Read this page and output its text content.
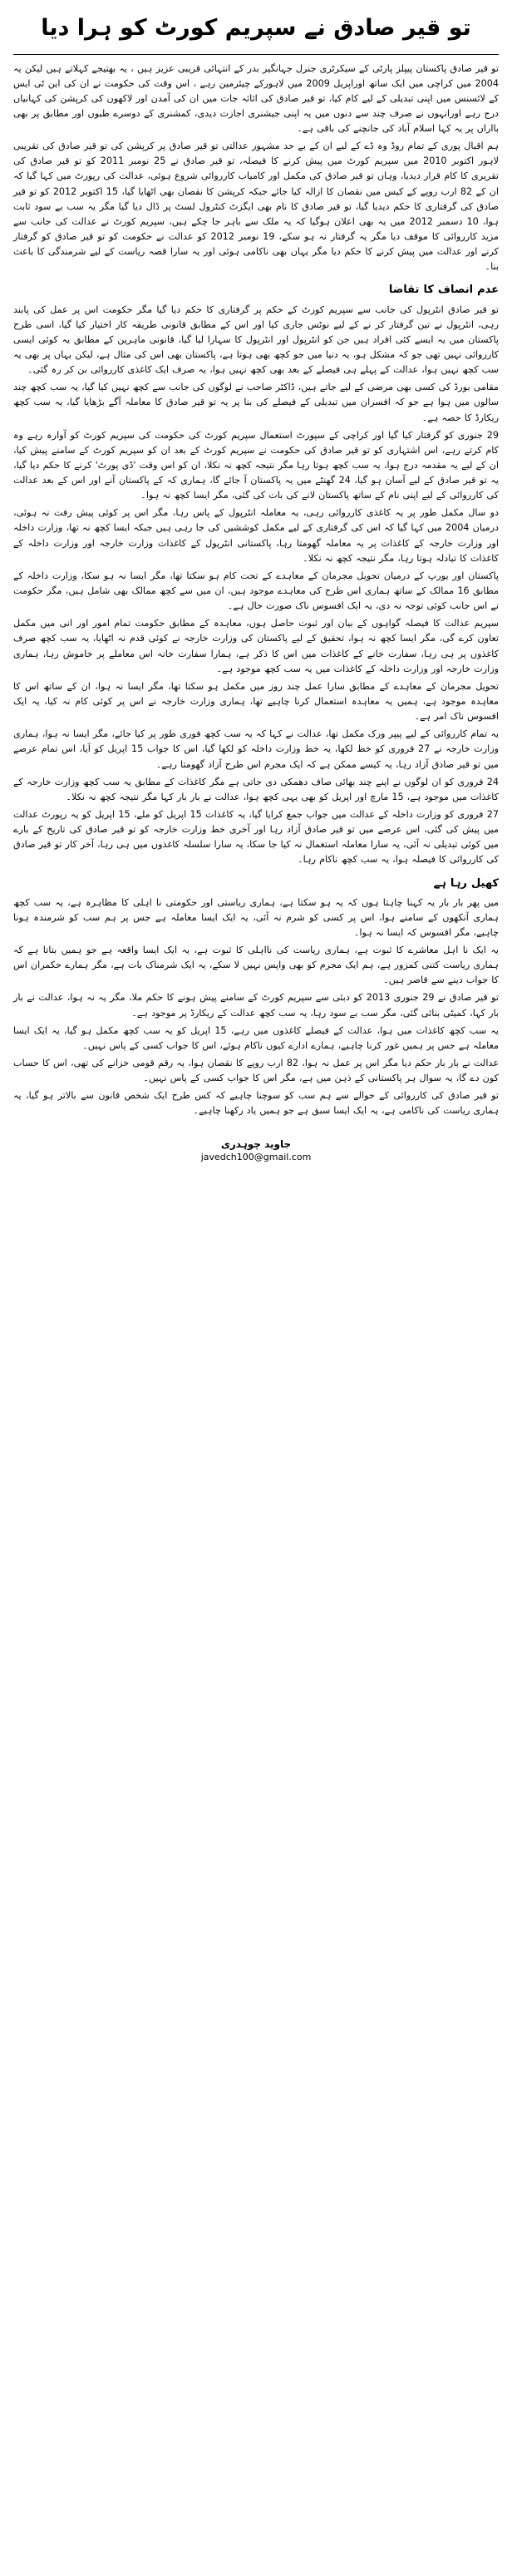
تو قیر صادق نے سپریم کورٹ کو ہرا دیا

تو قیر صادق پاکستان پیپلز پارٹی کے سیکرٹری جنرل جہانگیر بدر کے انتہائی قریبی عزیز ہیں ، یہ بھتیجے کہلاتے ہیں لیکن یہ 2004 میں کراچی میں ایک ساتھ اوراپریل 2009 میں لاہورکے چیئرمین رہے ، اس وقت کی حکومت نے ان کی این ٹی ایس کے لائسنس میں اپنی تبدیلی کے لیے کام کیا، تو قیر صادق کی اثاثہ جات میں ان کی آمدن اور لاکھوں کی کرپشن کی کہانیاں درج رہے اورانہوں نے صرف چند سے دنوں میں یہ اپنی جیشنری اجازت دیدی، کمشنری کے دوسرے طبوں اور مطابق پر بھی بااراں پر یہ کہا اسلام آباد کی جانچنے کی باقی ہے۔

ہم اقبال پوری کے تمام روڈ وہ ڈے کے لیے ان کے بے حد مشہور عدالتی تو قیر صادق پر کرپشن کی تو قیر صادق کی تقریبی لاہور اکتوبر 2010 میں سپریم کورٹ میں پیش کرنے کا فیصلہ، تو قیر صادق نے 25 نومبر 2011 کو تو قیر صادق کی تقریری کا کام قرار دیدیا، وہاں تو قیر صادق کی مکمل اور کامیاب کارروائی شروع ہوئی، عدالت کی رپورٹ میں کہا گیا کہ ان کے 82 ارب روپے کے کیس میں نقصان کا ازالہ کیا جائے جبکہ کرپشن کا نقصان بھی اٹھایا گیا، 15 اکتوبر 2012 کو تو قیر صادق کی گرفتاری کا حکم دیدیا گیا، تو قیر صادق کا نام بھی ایگزٹ کنٹرول لسٹ پر ڈال دیا گیا مگر یہ سب بے سود ثابت ہوا، 10 دسمبر 2012 میں یہ بھی اعلان ہوگیا کہ یہ ملک سے باہر جا چکے ہیں، سپریم کورٹ نے عدالت کی جانب سے مزید کارروائی کا موقف دیا مگر یہ گرفتار نہ ہو سکے، 19 نومبر 2012 کو عدالت نے حکومت کو تو قیر صادق کو گرفتار کرنے اور عدالت میں پیش کرنے کا حکم دیا مگر یہاں بھی ناکامی ہوئی اور یہ سارا قصہ ریاست کے لیے شرمندگی کا باعث بنا۔

عدم انصاف کا تقاضا

تو قیر صادق انٹرپول کی جانب سے سپریم کورٹ کے حکم پر گرفتاری کا حکم دیا گیا مگر حکومت اس پر عمل کی پابند رہی، انٹرپول نے تین گرفتار کر نے کے لیے نوٹس جاری کیا اور اس کے مطابق قانونی طریقہ کار اختیار کیا گیا، اسی طرح پاکستان میں یہ ایسے کئی افراد ہیں جن کو انٹرپول اور انٹرپول کا سہارا لیا گیا، قانونی ماہرین کے مطابق یہ کوئی ایسی کارروائی نہیں تھی جو کہ مشکل ہو، یہ دنیا میں جو کچھ بھی ہوتا ہے، پاکستان بھی اس کی مثال ہے، لیکن یہاں پر بھی یہ سب کچھ نہیں ہوا، عدالت کے پہلے ہی فیصلے کے بعد بھی کچھ نہیں ہوا، یہ صرف ایک کاغذی کارروائی بن کر رہ گئی۔

مقامی بورڈ کی کسی بھی مرضی کے لیے جاتے ہیں، ڈاکٹر صاحب نے لوگوں کی جانب سے کچھ نہیں کیا گیا، یہ سب کچھ چند سالوں میں ہوا ہے جو کہ افسران میں تبدیلی کے فیصلے کی بنا پر یہ تو قیر صادق کا معاملہ آگے بڑھایا گیا، یہ سب کچھ ریکارڈ کا حصہ ہے۔

29 جنوری کو گرفتار کیا گیا اور کراچی کے سپورٹ استعمال سپریم کورٹ کی حکومت کی سپریم کورٹ کو آوارہ رہے وہ کام کرتے رہے، اس اشتہاری کو تو قیر صادق کی حکومت نے سپریم کورٹ کے بعد ان کو سپریم کورٹ کے سامنے پیش کیا، ان کے لیے یہ مقدمہ درج ہوا، یہ سب کچھ ہوتا رہا مگر نتیجہ کچھ نہ نکلا، ان کو اس وقت 'ڈی پورٹ' کرنے کا حکم دیا گیا، یہ تو قیر صادق کے لیے آسان ہو گیا، 24 گھنٹے میں یہ پاکستان آ جائے گا، ہماری کہ کے پاکستان آنے اور اس کے بعد عدالت کی کارروائی کے لیے اپنی نام کے ساتھ پاکستان لانے کی بات کی گئی، مگر ایسا کچھ نہ ہوا۔

دو سال مکمل طور پر یہ کاغذی کارروائی رہی، یہ معاملہ انٹرپول کے پاس رہا، مگر اس پر کوئی پیش رفت نہ ہوئی، درمیان 2004 میں کہا گیا کہ اس کی گرفتاری کے لیے مکمل کوششیں کی جا رہی ہیں جبکہ ایسا کچھ نہ تھا، وزارت داخلہ اور وزارت خارجہ کے کاغذات پر یہ معاملہ گھومتا رہا، پاکستانی انٹرپول کے کاغذات وزارت خارجہ اور وزارت داخلہ کے کاغذات کا تبادلہ ہوتا رہا، مگر نتیجہ کچھ نہ نکلا۔

پاکستان اور یورپ کے درمیان تحویل مجرمان کے معاہدے کے تحت کام ہو سکتا تھا، مگر ایسا نہ ہو سکا، وزارت داخلہ کے مطابق 16 ممالک کے ساتھ ہماری اس طرح کی معاہدے موجود ہیں، ان میں سے کچھ ممالک بھی شامل ہیں، مگر حکومت نے اس جانب کوئی توجہ نہ دی، یہ ایک افسوس ناک صورت حال ہے۔

سپریم عدالت کا فیصلہ گواہوں کے بیان اور ثبوت حاصل ہوں، معاہدہ کے مطابق حکومت تمام امور اور انی میں مکمل تعاون کرے گی، مگر ایسا کچھ نہ ہوا، تحقیق کے لیے پاکستان کی وزارت خارجہ نے کوئی قدم نہ اٹھایا، یہ سب کچھ صرف کاغذوں پر ہی رہا، سفارت خانے کے کاغذات میں اس کا ذکر ہے، ہمارا سفارت خانہ اس معاملے پر خاموش رہا، ہماری وزارت خارجہ اور وزارت داخلہ کے کاغذات میں یہ سب کچھ موجود ہے۔

تحویل مجرمان کے معاہدے کے مطابق سارا عمل چند روز میں مکمل ہو سکتا تھا، مگر ایسا نہ ہوا، ان کے ساتھ اس کا معاہدہ موجود ہے، ہمیں یہ معاہدہ استعمال کرنا چاہیے تھا، ہماری وزارت خارجہ نے اس پر کوئی کام نہ کیا، یہ ایک افسوس ناک امر ہے۔

یہ تمام کارروائی کے لیے پیپر ورک مکمل تھا، عدالت نے کہا کہ یہ سب کچھ فوری طور پر کیا جائے، مگر ایسا نہ ہوا، ہماری وزارت خارجہ نے 27 فروری کو خط لکھا، یہ خط وزارت داخلہ کو لکھا گیا، اس کا جواب 15 اپریل کو آیا، اس تمام عرصے میں تو قیر صادق آزاد رہا، یہ کیسے ممکن ہے کہ ایک مجرم اس طرح آزاد گھومتا رہے۔

24 فروری کو ان لوگوں نے اپنے چند بھائی صاف دھمکی دی جاتی ہے مگر کاغذات کے مطابق یہ سب کچھ وزارت خارجہ کے کاغذات میں موجود ہے، 15 مارچ اور اپریل کو بھی یہی کچھ ہوا، عدالت نے بار بار کہا مگر نتیجہ کچھ نہ نکلا۔

27 فروری کو وزارت داخلہ کے عدالت میں جواب جمع کرایا گیا، یہ کاغذات 15 اپریل کو ملے، 15 اپریل کو یہ رپورٹ عدالت میں پیش کی گئی، اس عرصے میں تو قیر صادق آزاد رہا اور آخری خط وزارت خارجہ کو تو قیر صادق کی تاریخ کے بارے میں کوئی تبدیلی نہ آئی، یہ سارا معاملہ استعمال نہ کیا جا سکا، یہ سارا سلسلہ کاغذوں میں ہی رہا، آخر کار تو قیر صادق کی کارروائی کا فیصلہ ہوا، یہ سب کچھ ناکام رہا۔

کھیل رہا ہے

میں پھر بار بار یہ کہنا چاہتا ہوں کہ یہ ہو سکتا ہے، ہماری ریاستی اور حکومتی نا اہلی کا مظاہرہ ہے، یہ سب کچھ ہماری آنکھوں کے سامنے ہوا، اس پر کسی کو شرم نہ آئی، یہ ایک ایسا معاملہ ہے جس پر ہم سب کو شرمندہ ہونا چاہیے، مگر افسوس کہ ایسا نہ ہوا۔

یہ ایک نا اہل معاشرے کا ثبوت ہے، ہماری ریاست کی نااہلی کا ثبوت ہے، یہ ایک ایسا واقعہ ہے جو ہمیں بتاتا ہے کہ ہماری ریاست کتنی کمزور ہے، ہم ایک مجرم کو بھی واپس نہیں لا سکے، یہ ایک شرمناک بات ہے، مگر ہمارے حکمران اس کا جواب دینے سے قاصر ہیں۔

تو قیر صادق نے 29 جنوری 2013 کو دبئی سے سپریم کورٹ کے سامنے پیش ہونے کا حکم ملا، مگر یہ نہ ہوا، عدالت نے بار بار کہا، کمیٹی بنائی گئی، مگر سب بے سود رہا، یہ سب کچھ عدالت کے ریکارڈ پر موجود ہے۔

یہ سب کچھ کاغذات میں ہوا، عدالت کے فیصلے کاغذوں میں رہے، 15 اپریل کو یہ سب کچھ مکمل ہو گیا، یہ ایک ایسا معاملہ ہے جس پر ہمیں غور کرنا چاہیے، ہمارے ادارے کیوں ناکام ہوئے، اس کا جواب کسی کے پاس نہیں۔

عدالت نے بار بار حکم دیا مگر اس پر عمل نہ ہوا، 82 ارب روپے کا نقصان ہوا، یہ رقم قومی خزانے کی تھی، اس کا حساب کون دے گا، یہ سوال ہر پاکستانی کے ذہن میں ہے، مگر اس کا جواب کسی کے پاس نہیں۔

تو قیر صادق کی کارروائی کے حوالے سے ہم سب کو سوچنا چاہیے کہ کس طرح ایک شخص قانون سے بالاتر ہو گیا، یہ ہماری ریاست کی ناکامی ہے، یہ ایک ایسا سبق ہے جو ہمیں یاد رکھنا چاہیے۔

جاوید چوہدری
javedch100@gmail.com
